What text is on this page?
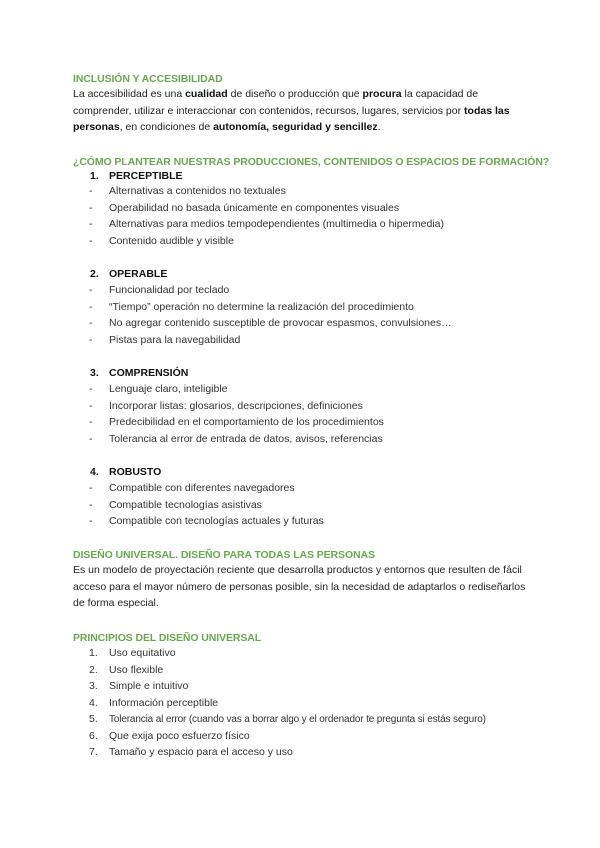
INCLUSIÓN Y ACCESIBILIDAD
La accesibilidad es una cualidad de diseño o producción que procura la capacidad de comprender, utilizar e interaccionar con contenidos, recursos, lugares, servicios por todas las personas, en condiciones de autonomía, seguridad y sencillez.
¿CÓMO PLANTEAR NUESTRAS PRODUCCIONES, CONTENIDOS O ESPACIOS DE FORMACIÓN?
1. PERCEPTIBLE
- Alternativas a contenidos no textuales
- Operabilidad no basada únicamente en componentes visuales
- Alternativas para medios tempodependientes (multimedia o hipermedia)
- Contenido audible y visible
2. OPERABLE
- Funcionalidad por teclado
- “Tiempo” operación no determine la realización del procedimiento
- No agregar contenido susceptible de provocar espasmos, convulsiones…
- Pistas para la navegabilidad
3. COMPRENSIÓN
- Lenguaje claro, inteligible
- Incorporar listas: glosarios, descripciones, definiciones
- Predecibilidad en el comportamiento de los procedimientos
- Tolerancia al error de entrada de datos, avisos, referencias
4. ROBUSTO
- Compatible con diferentes navegadores
- Compatible tecnologías asistivas
- Compatible con tecnologías actuales y futuras
DISEÑO UNIVERSAL. DISEÑO PARA TODAS LAS PERSONAS
Es un modelo de proyectación reciente que desarrolla productos y entornos que resulten de fácil acceso para el mayor número de personas posible, sin la necesidad de adaptarlos o rediseñarlos de forma especial.
PRINCIPIOS DEL DISEÑO UNIVERSAL
1.	Uso equitativo
2.	Uso flexible
3.	Simple e intuitivo
4.	Información perceptible
5.	Tolerancia al error (cuando vas a borrar algo y el ordenador te pregunta si estás seguro)
6.	Que exija poco esfuerzo físico
7.	Tamaño y espacio para el acceso y uso
